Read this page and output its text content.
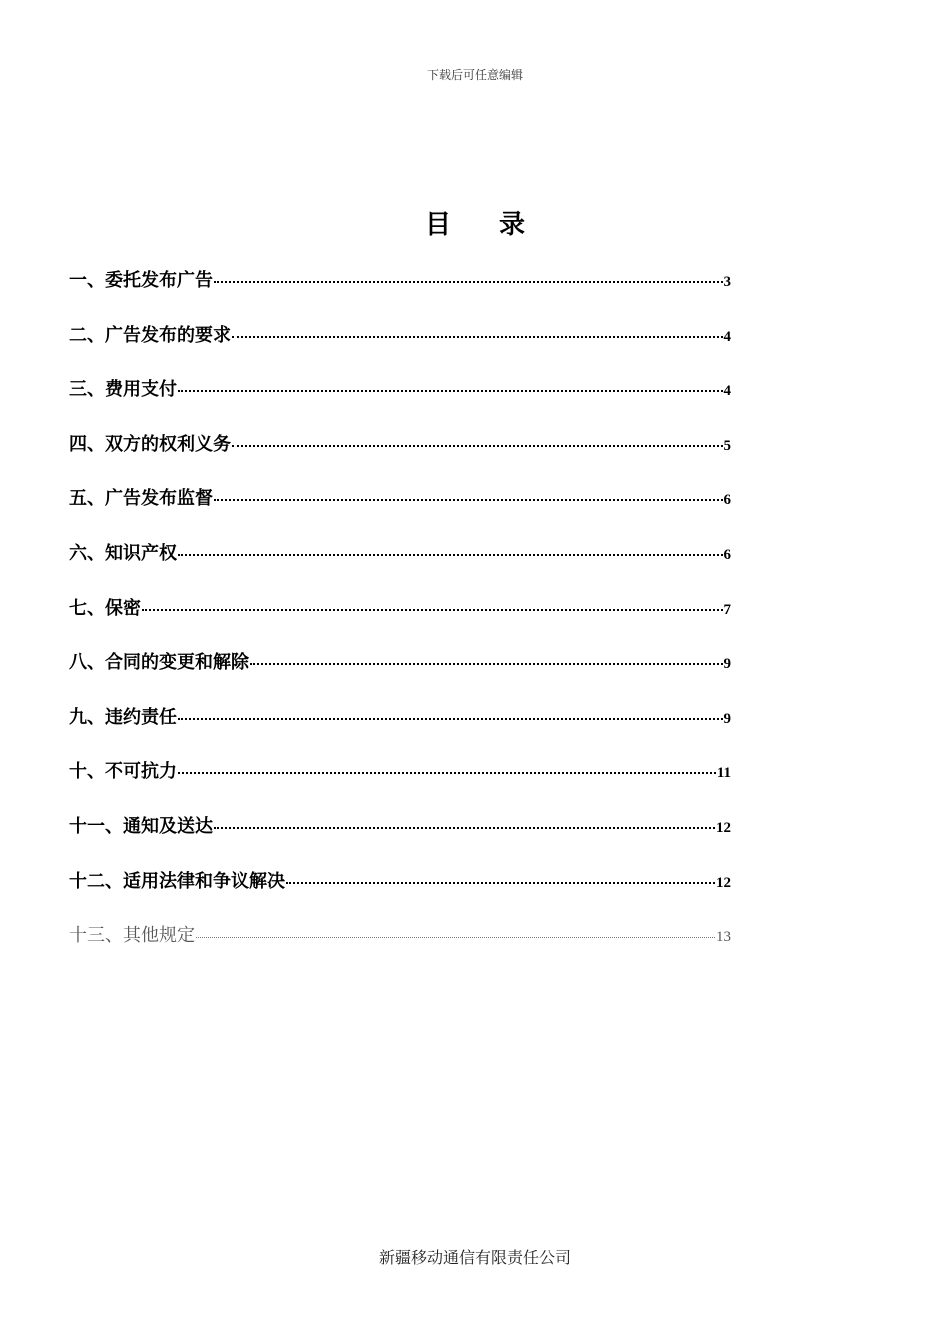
下载后可任意编辑
目 录
一、委托发布广告	3
二、广告发布的要求	4
三、费用支付	4
四、双方的权利义务	5
五、广告发布监督	6
六、知识产权	6
七、保密	7
八、合同的变更和解除	9
九、违约责任	9
十、不可抗力	11
十一、通知及送达	12
十二、适用法律和争议解决	12
十三、其他规定	13
新疆移动通信有限责任公司
